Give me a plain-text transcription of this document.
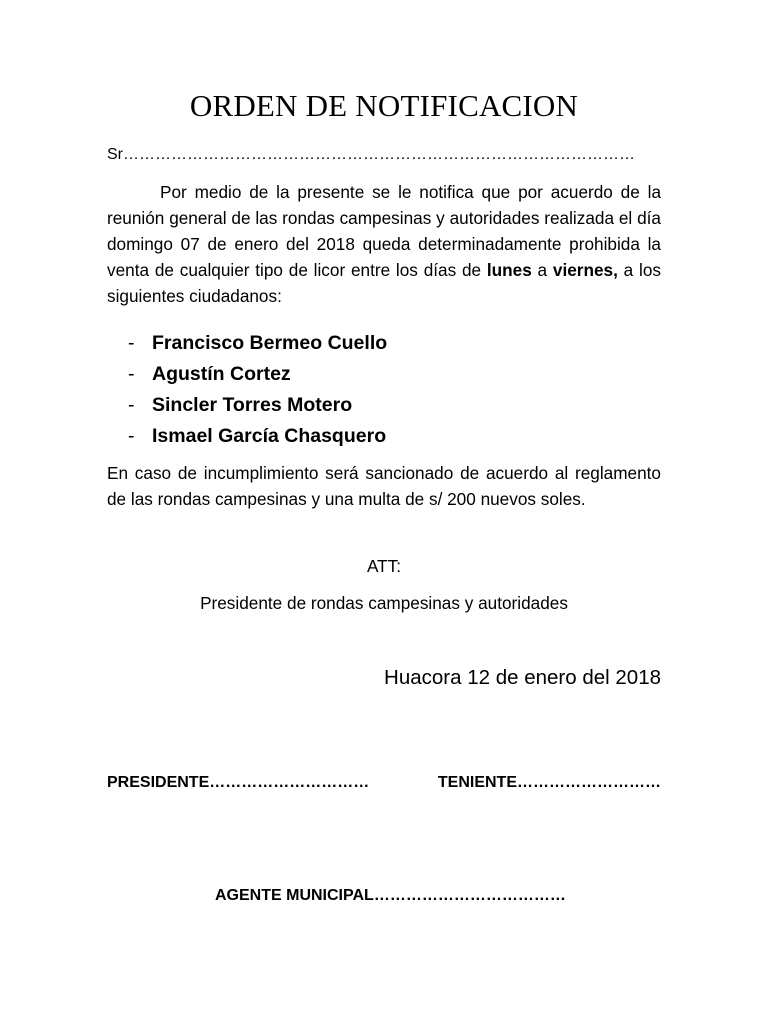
ORDEN DE NOTIFICACION
Sr……………………………………………………………………………………
Por medio de la presente se le notifica que por acuerdo de la reunión general de las rondas campesinas y autoridades realizada el día domingo 07 de enero del 2018 queda determinadamente prohibida la venta de cualquier tipo de licor entre los días de lunes a viernes, a los siguientes ciudadanos:
- Francisco Bermeo Cuello
- Agustín Cortez
- Sincler Torres Motero
- Ismael García Chasquero
En caso de incumplimiento será sancionado de acuerdo al reglamento de las rondas campesinas y una multa de s/ 200 nuevos soles.
ATT:
Presidente de rondas campesinas y autoridades
Huacora 12 de enero del 2018
PRESIDENTE…………………………	TENIENTE………………………
AGENTE MUNICIPAL………………………………
